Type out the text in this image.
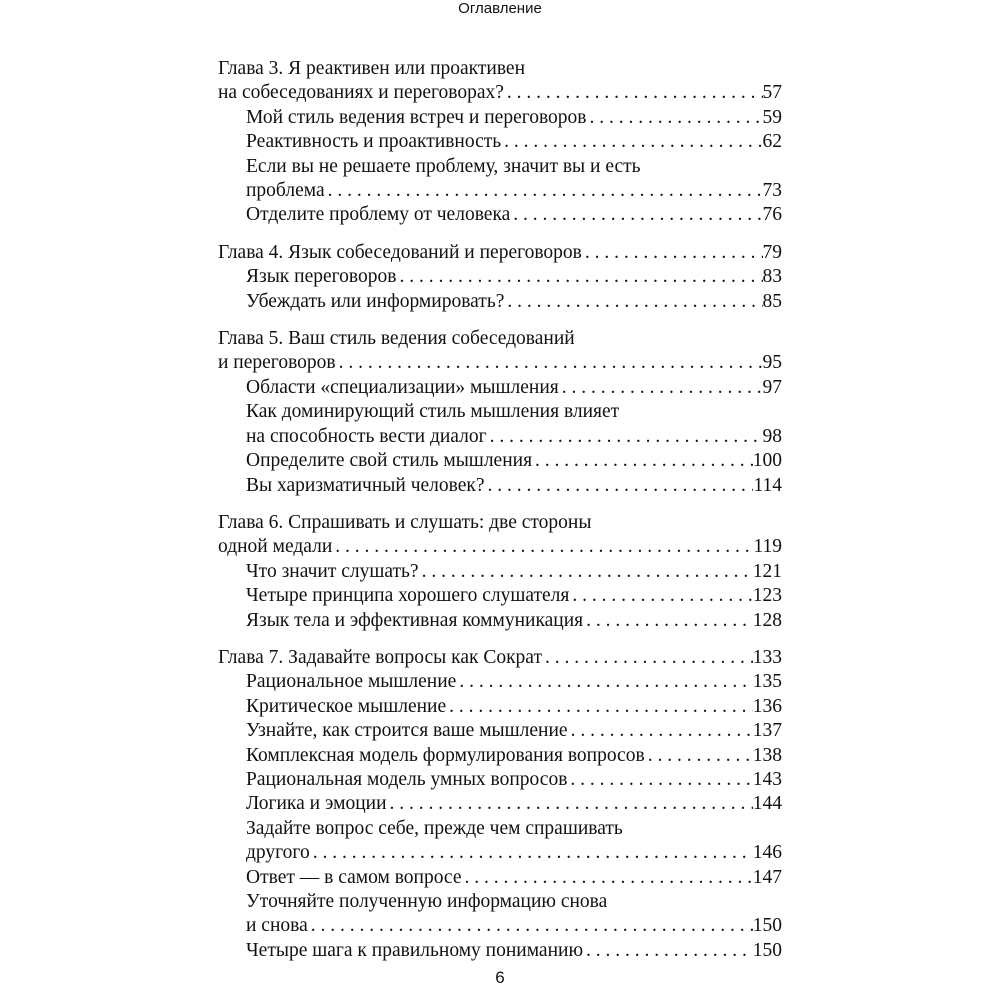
Оглавление
Глава 3. Я реактивен или проактивен
на собеседованиях и переговорах? . . .	57
Мой стиль ведения встреч и переговоров . . .	59
Реактивность и проактивность . . .	62
Если вы не решаете проблему, значит вы и есть
проблема . . .	73
Отделите проблему от человека . . .	76
Глава 4. Язык собеседований и переговоров . . .	79
Язык переговоров . . .	83
Убеждать или информировать? . . .	85
Глава 5. Ваш стиль ведения собеседований
и переговоров . . .	95
Области «специализации» мышления . . .	97
Как доминирующий стиль мышления влияет
на способность вести диалог . . .	98
Определите свой стиль мышления . . .	100
Вы харизматичный человек? . . .	114
Глава 6. Спрашивать и слушать: две стороны
одной медали . . .	119
Что значит слушать? . . .	121
Четыре принципа хорошего слушателя . . .	123
Язык тела и эффективная коммуникация . . .	128
Глава 7. Задавайте вопросы как Сократ . . .	133
Рациональное мышление . . .	135
Критическое мышление . . .	136
Узнайте, как строится ваше мышление . . .	137
Комплексная модель формулирования вопросов . . .	138
Рациональная модель умных вопросов . . .	143
Логика и эмоции . . .	144
Задайте вопрос себе, прежде чем спрашивать
другого . . .	146
Ответ — в самом вопросе . . .	147
Уточняйте полученную информацию снова
и снова . . .	150
Четыре шага к правильному пониманию . . .	150
6
